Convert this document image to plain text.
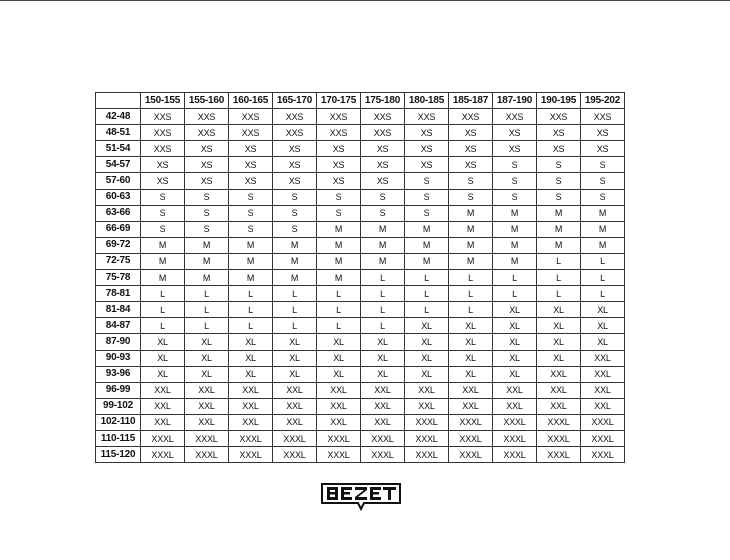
	150-155	155-160	160-165	165-170	170-175	175-180	180-185	185-187	187-190	190-195	195-202
42-48	XXS	XXS	XXS	XXS	XXS	XXS	XXS	XXS	XXS	XXS	XXS
48-51	XXS	XXS	XXS	XXS	XXS	XXS	XS	XS	XS	XS	XS
51-54	XXS	XS	XS	XS	XS	XS	XS	XS	XS	XS	XS
54-57	XS	XS	XS	XS	XS	XS	XS	XS	S	S	S
57-60	XS	XS	XS	XS	XS	XS	S	S	S	S	S
60-63	S	S	S	S	S	S	S	S	S	S	S
63-66	S	S	S	S	S	S	S	M	M	M	M
66-69	S	S	S	S	M	M	M	M	M	M	M
69-72	M	M	M	M	M	M	M	M	M	M	M
72-75	M	M	M	M	M	M	M	M	M	L	L
75-78	M	M	M	M	M	L	L	L	L	L	L
78-81	L	L	L	L	L	L	L	L	L	L	L
81-84	L	L	L	L	L	L	L	L	XL	XL	XL
84-87	L	L	L	L	L	L	XL	XL	XL	XL	XL
87-90	XL	XL	XL	XL	XL	XL	XL	XL	XL	XL	XL
90-93	XL	XL	XL	XL	XL	XL	XL	XL	XL	XL	XXL
93-96	XL	XL	XL	XL	XL	XL	XL	XL	XL	XXL	XXL
96-99	XXL	XXL	XXL	XXL	XXL	XXL	XXL	XXL	XXL	XXL	XXL
99-102	XXL	XXL	XXL	XXL	XXL	XXL	XXL	XXL	XXL	XXL	XXL
102-110	XXL	XXL	XXL	XXL	XXL	XXL	XXXL	XXXL	XXXL	XXXL	XXXL
110-115	XXXL	XXXL	XXXL	XXXL	XXXL	XXXL	XXXL	XXXL	XXXL	XXXL	XXXL
115-120	XXXL	XXXL	XXXL	XXXL	XXXL	XXXL	XXXL	XXXL	XXXL	XXXL	XXXL
